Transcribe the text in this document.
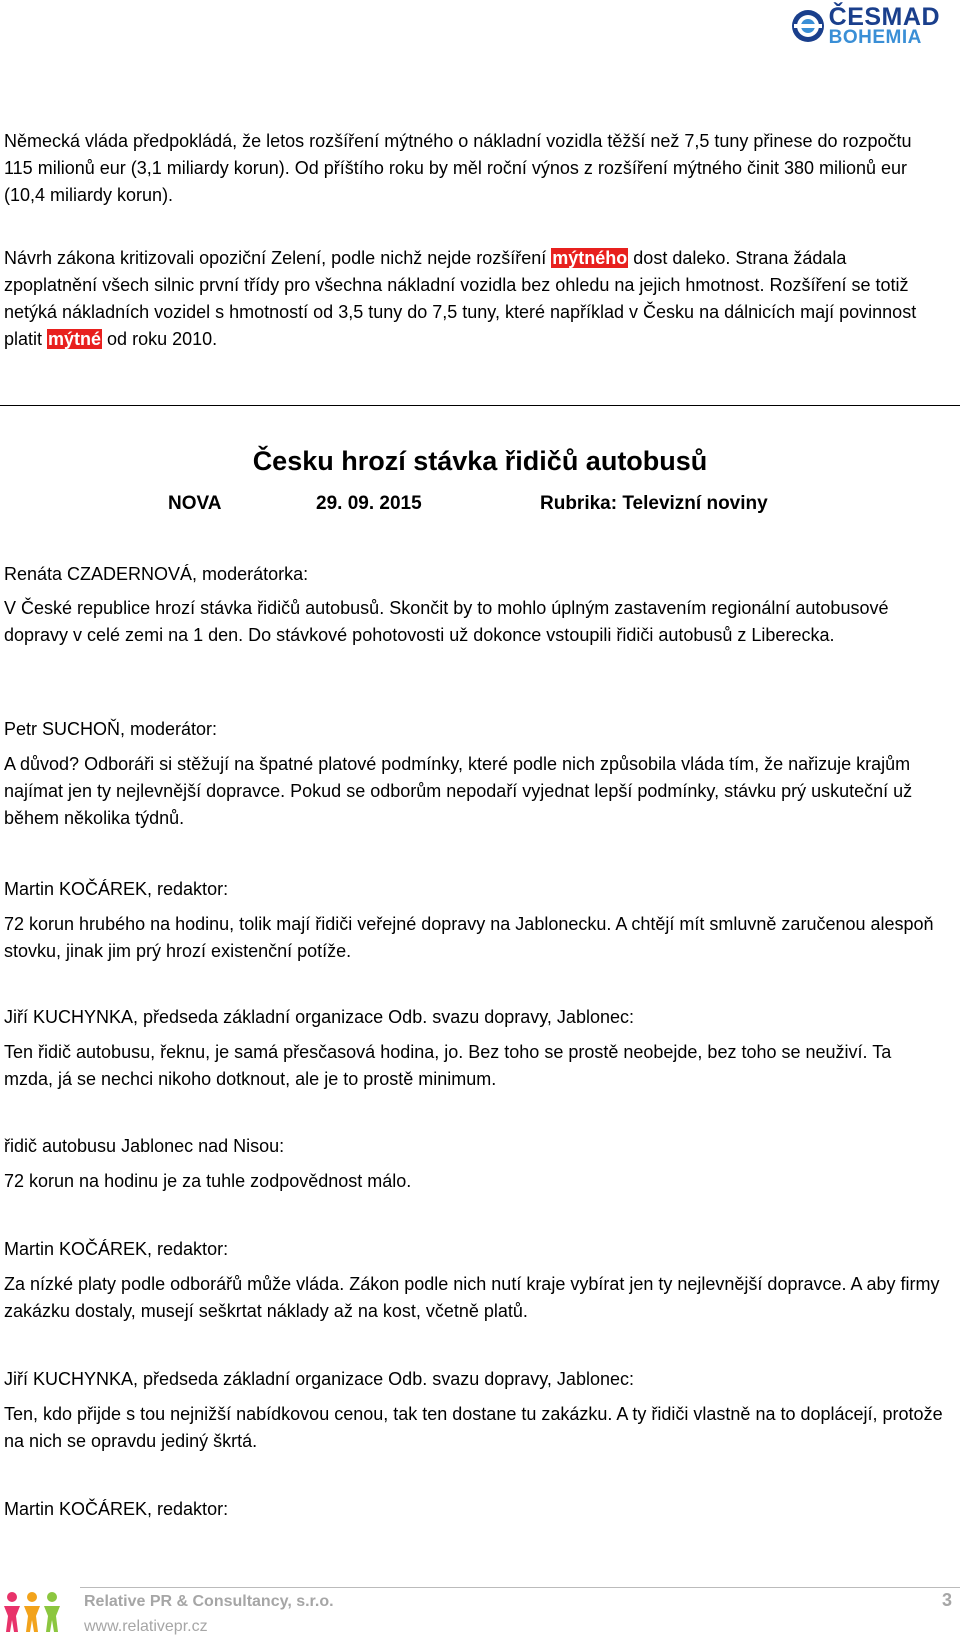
ČESMAD
BOHEMIA

Německá vláda předpokládá, že letos rozšíření mýtného o nákladní vozidla těžší než 7,5 tuny přinese do rozpočtu 115 milionů eur (3,1 miliardy korun). Od příštího roku by měl roční výnos z rozšíření mýtného činit 380 milionů eur (10,4 miliardy korun).

Návrh zákona kritizovali opoziční Zelení, podle nichž nejde rozšíření mýtného dost daleko. Strana žádala zpoplatnění všech silnic první třídy pro všechna nákladní vozidla bez ohledu na jejich hmotnost. Rozšíření se totiž netýká nákladních vozidel s hmotností od 3,5 tuny do 7,5 tuny, které například v Česku na dálnicích mají povinnost platit mýtné od roku 2010.

Česku hrozí stávka řidičů autobusů
NOVA	29. 09. 2015	Rubrika: Televizní noviny

Renáta CZADERNOVÁ, moderátorka:

V České republice hrozí stávka řidičů autobusů. Skončit by to mohlo úplným zastavením regionální autobusové dopravy v celé zemi na 1 den. Do stávkové pohotovosti už dokonce vstoupili řidiči autobusů z Liberecka.

Petr SUCHOŇ, moderátor:

A důvod? Odboráři si stěžují na špatné platové podmínky, které podle nich způsobila vláda tím, že nařizuje krajům najímat jen ty nejlevnější dopravce. Pokud se odborům nepodaří vyjednat lepší podmínky, stávku prý uskuteční už během několika týdnů.

Martin KOČÁREK, redaktor:

72 korun hrubého na hodinu, tolik mají řidiči veřejné dopravy na Jablonecku. A chtějí mít smluvně zaručenou alespoň stovku, jinak jim prý hrozí existenční potíže.

Jiří KUCHYNKA, předseda základní organizace Odb. svazu dopravy, Jablonec:

Ten řidič autobusu, řeknu, je samá přesčasová hodina, jo. Bez toho se prostě neobejde, bez toho se neuživí. Ta mzda, já se nechci nikoho dotknout, ale je to prostě minimum.

řidič autobusu Jablonec nad Nisou:

72 korun na hodinu je za tuhle zodpovědnost málo.

Martin KOČÁREK, redaktor:

Za nízké platy podle odborářů může vláda. Zákon podle nich nutí kraje vybírat jen ty nejlevnější dopravce. A aby firmy zakázku dostaly, musejí seškrtat náklady až na kost, včetně platů.

Jiří KUCHYNKA, předseda základní organizace Odb. svazu dopravy, Jablonec:

Ten, kdo přijde s tou nejnižší nabídkovou cenou, tak ten dostane tu zakázku. A ty řidiči vlastně na to doplácejí, protože na nich se opravdu jediný škrtá.

Martin KOČÁREK, redaktor:

Relative PR & Consultancy, s.r.o.
www.relativepr.cz
3
